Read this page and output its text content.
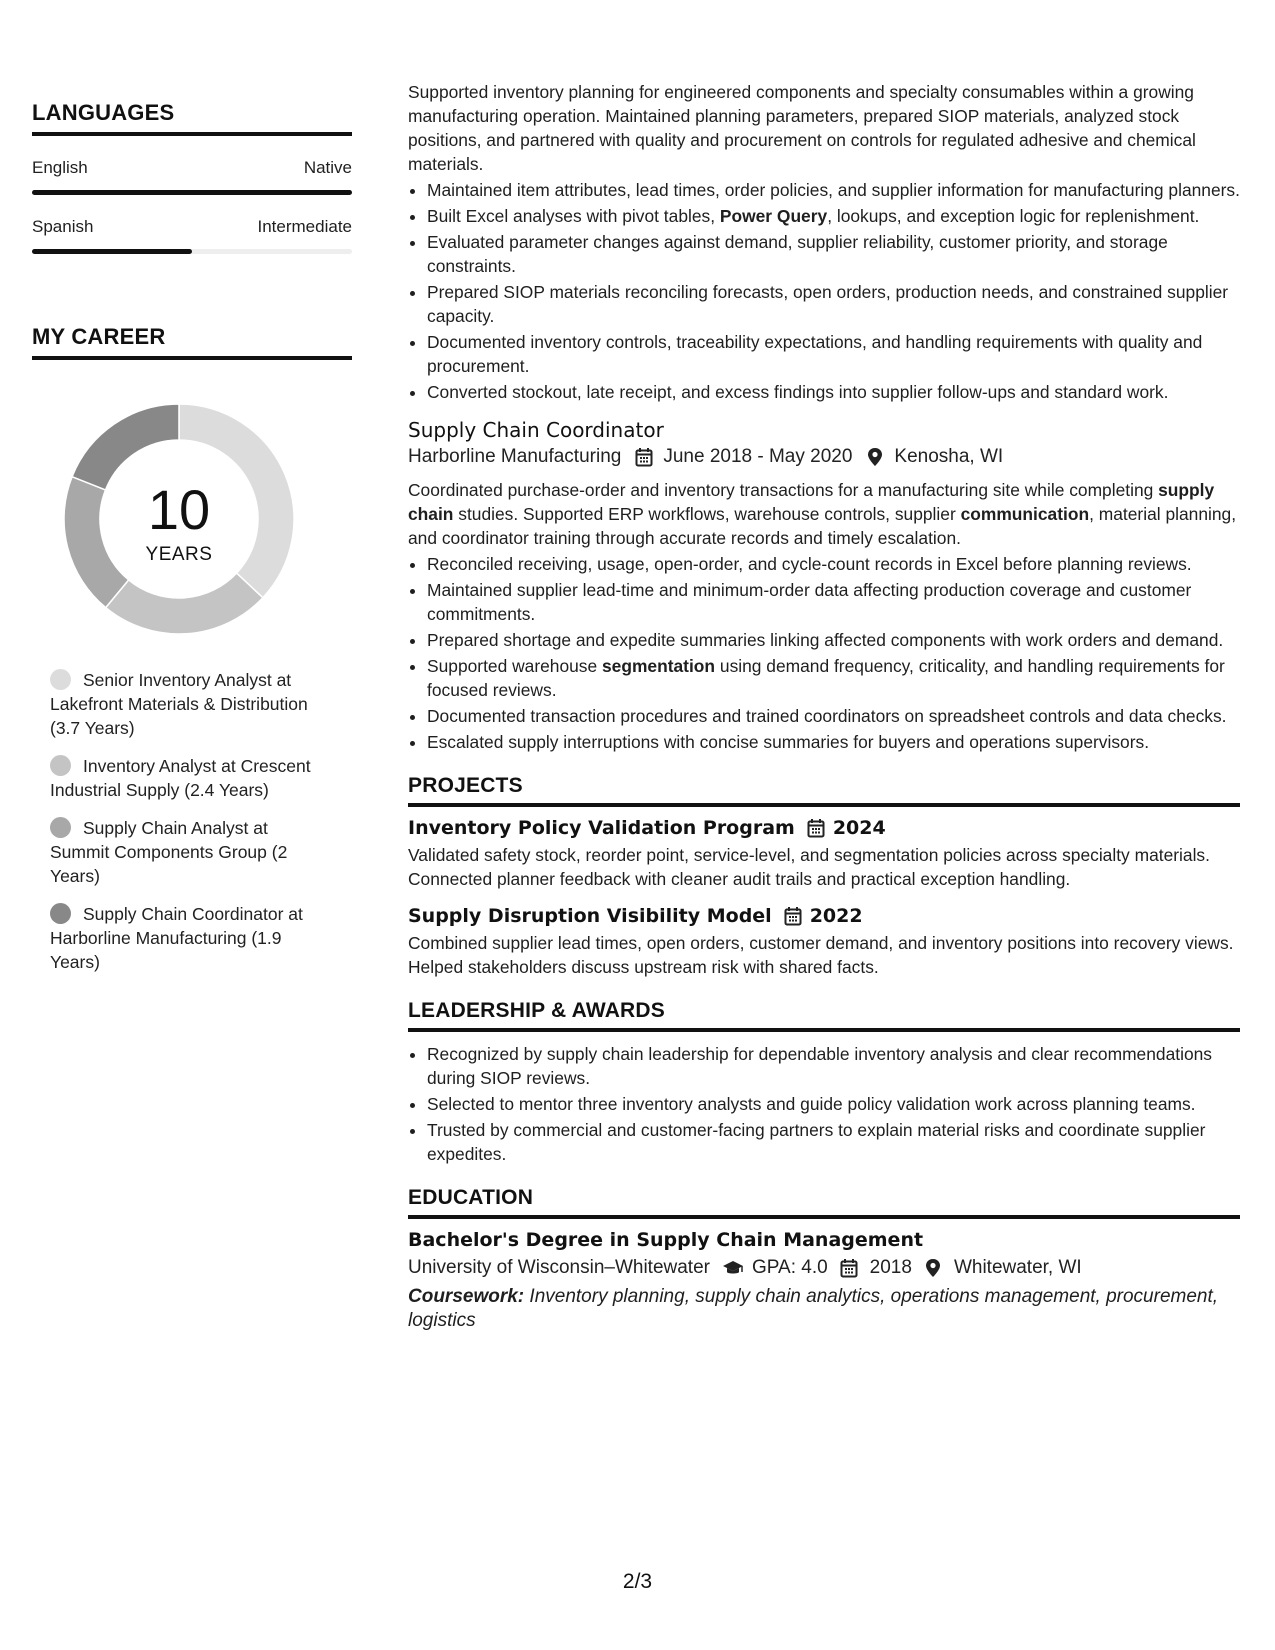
LANGUAGES
English	Native
Spanish	Intermediate
MY CAREER
10
YEARS
Senior Inventory Analyst at Lakefront Materials & Distribution (3.7 Years)
Inventory Analyst at Crescent Industrial Supply (2.4 Years)
Supply Chain Analyst at Summit Components Group (2 Years)
Supply Chain Coordinator at Harborline Manufacturing (1.9 Years)

Supported inventory planning for engineered components and specialty consumables within a growing manufacturing operation. Maintained planning parameters, prepared SIOP materials, analyzed stock positions, and partnered with quality and procurement on controls for regulated adhesive and chemical materials.

• Maintained item attributes, lead times, order policies, and supplier information for manufacturing planners.
• Built Excel analyses with pivot tables, Power Query, lookups, and exception logic for replenishment.
• Evaluated parameter changes against demand, supplier reliability, customer priority, and storage constraints.
• Prepared SIOP materials reconciling forecasts, open orders, production needs, and constrained supplier capacity.
• Documented inventory controls, traceability expectations, and handling requirements with quality and procurement.
• Converted stockout, late receipt, and excess findings into supplier follow-ups and standard work.
Supply Chain Coordinator
Harborline Manufacturing June 2018 - May 2020 Kenosha, WI

Coordinated purchase-order and inventory transactions for a manufacturing site while completing supply chain studies. Supported ERP workflows, warehouse controls, supplier communication, material planning, and coordinator training through accurate records and timely escalation.

• Reconciled receiving, usage, open-order, and cycle-count records in Excel before planning reviews.
• Maintained supplier lead-time and minimum-order data affecting production coverage and customer commitments.
• Prepared shortage and expedite summaries linking affected components with work orders and demand.
• Supported warehouse segmentation using demand frequency, criticality, and handling requirements for focused reviews.
• Documented transaction procedures and trained coordinators on spreadsheet controls and data checks.
• Escalated supply interruptions with concise summaries for buyers and operations supervisors.
PROJECTS
Inventory Policy Validation Program 2024

Validated safety stock, reorder point, service-level, and segmentation policies across specialty materials. Connected planner feedback with cleaner audit trails and practical exception handling.

Supply Disruption Visibility Model 2022

Combined supplier lead times, open orders, customer demand, and inventory positions into recovery views. Helped stakeholders discuss upstream risk with shared facts.

LEADERSHIP & AWARDS
• Recognized by supply chain leadership for dependable inventory analysis and clear recommendations during SIOP reviews.
• Selected to mentor three inventory analysts and guide policy validation work across planning teams.
• Trusted by commercial and customer-facing partners to explain material risks and coordinate supplier expedites.
EDUCATION
Bachelor's Degree in Supply Chain Management
University of Wisconsin–Whitewater GPA: 4.0 2018 Whitewater, WI
Coursework: Inventory planning, supply chain analytics, operations management, procurement, logistics
2/3
